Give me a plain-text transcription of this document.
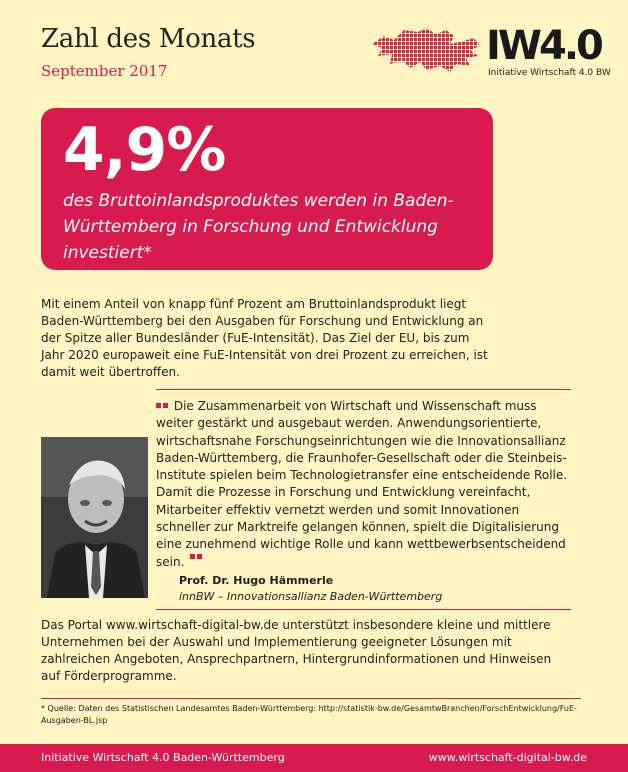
Zahl des Monats
September 2017
IW4.0
Initiative Wirtschaft 4.0 BW
4,9%
des Bruttoinlandsproduktes werden in Baden-Württemberg in Forschung und Entwicklung investiert*
Mit einem Anteil von knapp fünf Prozent am Bruttoinlandsprodukt liegt Baden-Württemberg bei den Ausgaben für Forschung und Entwicklung an der Spitze aller Bundesländer (FuE-Intensität). Das Ziel der EU, bis zum Jahr 2020 europaweit eine FuE-Intensität von drei Prozent zu erreichen, ist damit weit übertroffen.
Die Zusammenarbeit von Wirtschaft und Wissenschaft muss weiter gestärkt und ausgebaut werden. Anwendungsorientierte, wirtschaftsnahe Forschungseinrichtungen wie die Innovationsallianz Baden-Württemberg, die Fraunhofer-Gesellschaft oder die Steinbeis-Institute spielen beim Technologietransfer eine entscheidende Rolle. Damit die Prozesse in Forschung und Entwicklung vereinfacht, Mitarbeiter effektiv vernetzt werden und somit Innovationen schneller zur Marktreife gelangen können, spielt die Digitalisierung eine zunehmend wichtige Rolle und kann wettbewerbsentscheidend sein.
Prof. Dr. Hugo Hämmerle
innBW – Innovationsallianz Baden-Württemberg
Das Portal www.wirtschaft-digital-bw.de unterstützt insbesondere kleine und mittlere Unternehmen bei der Auswahl und Implementierung geeigneter Lösungen mit zahlreichen Angeboten, Ansprechpartnern, Hintergrundinformationen und Hinweisen auf Förderprogramme.
* Quelle: Daten des Statistischen Landesamtes Baden-Württemberg: http://statistik-bw.de/GesamtwBranchen/ForschEntwicklung/FuE-Ausgaben-BL.jsp
Initiative Wirtschaft 4.0 Baden-Württemberg	www.wirtschaft-digital-bw.de
